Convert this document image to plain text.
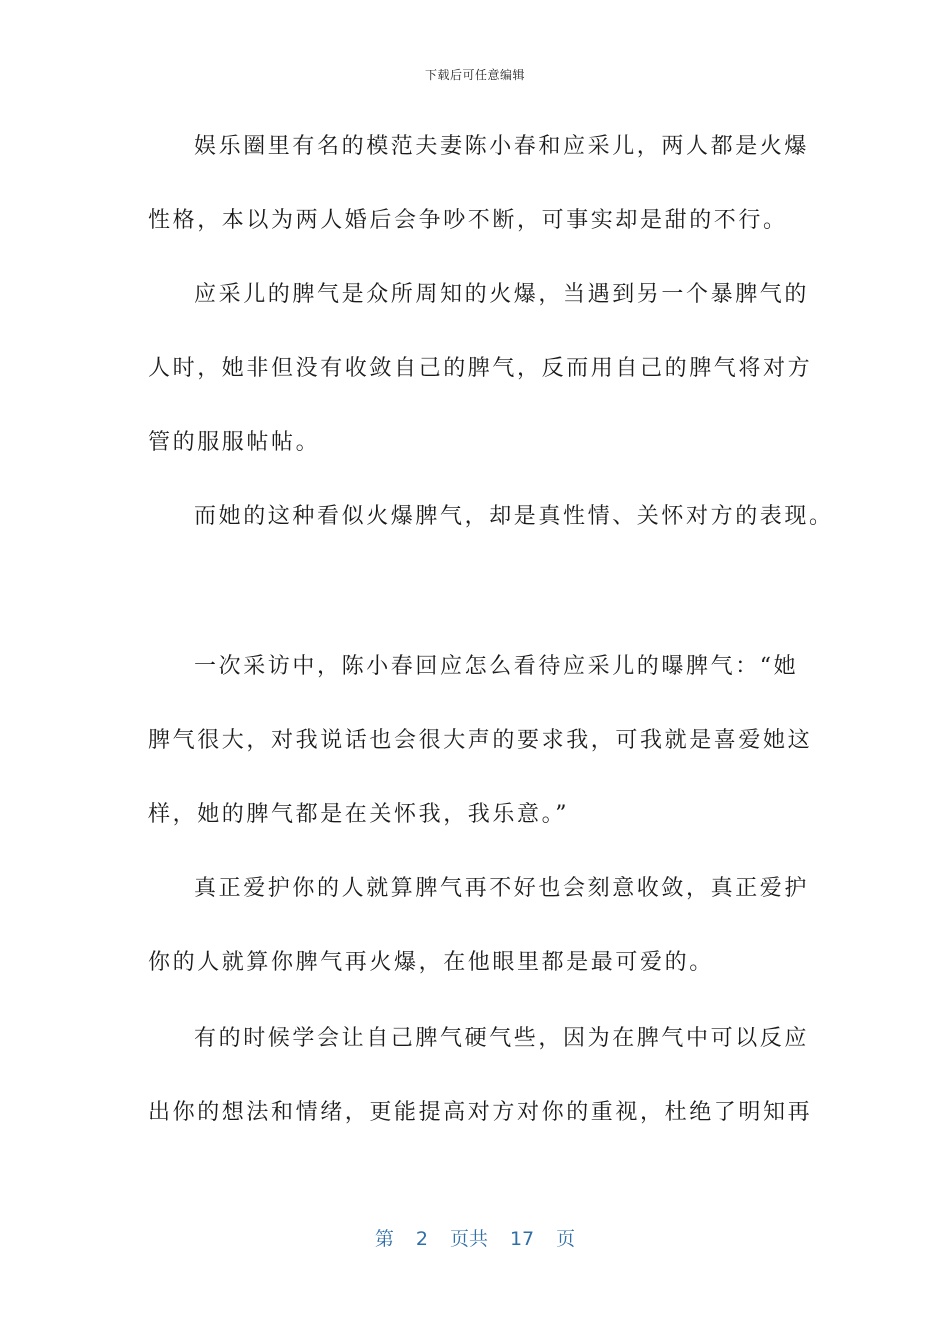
下载后可任意编辑
娱乐圈里有名的模范夫妻陈小春和应采儿，两人都是火爆
性格，本以为两人婚后会争吵不断，可事实却是甜的不行。
应采儿的脾气是众所周知的火爆，当遇到另一个暴脾气的
人时，她非但没有收敛自己的脾气，反而用自己的脾气将对方
管的服服帖帖。
而她的这种看似火爆脾气，却是真性情、关怀对方的表现。
一次采访中，陈小春回应怎么看待应采儿的曝脾气：“她
脾气很大，对我说话也会很大声的要求我，可我就是喜爱她这
样，她的脾气都是在关怀我，我乐意。”
真正爱护你的人就算脾气再不好也会刻意收敛，真正爱护
你的人就算你脾气再火爆，在他眼里都是最可爱的。
有的时候学会让自己脾气硬气些，因为在脾气中可以反应
出你的想法和情绪，更能提高对方对你的重视，杜绝了明知再
第 2 页共 17 页
